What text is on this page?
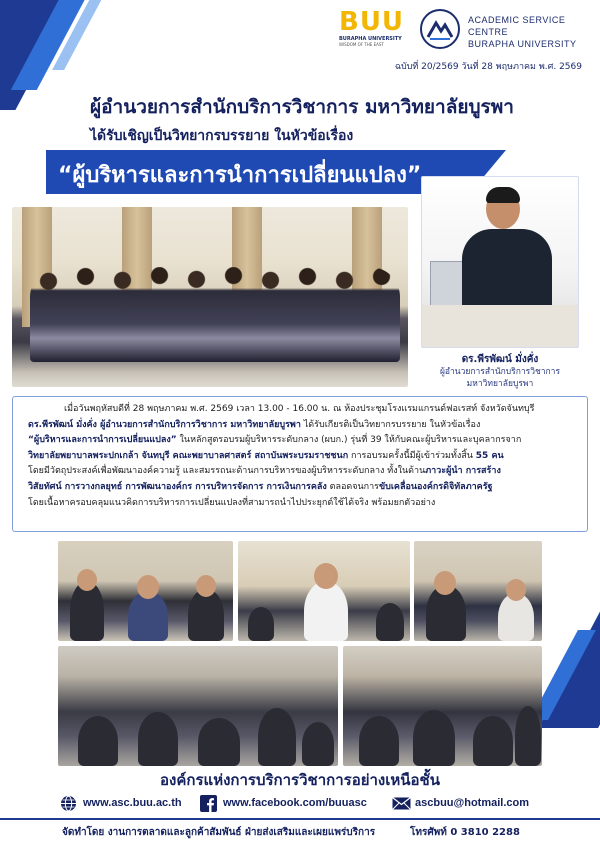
BUU
BURAPHA UNIVERSITY
WISDOM OF THE EAST
ACADEMIC SERVICE CENTRE
BURAPHA UNIVERSITY
ฉบับที่ 20/2569 วันที่ 28 พฤษภาคม พ.ศ. 2569
ผู้อำนวยการสำนักบริการวิชาการ มหาวิทยาลัยบูรพา
ได้รับเชิญเป็นวิทยากรบรรยาย ในหัวข้อเรื่อง
“ผู้บริหารและการนำการเปลี่ยนแปลง”
ดร.พีรพัฒน์ มั่งคั่ง
ผู้อำนวยการสำนักบริการวิชาการ
มหาวิทยาลัยบูรพา

เมื่อวันพฤหัสบดีที่ 28 พฤษภาคม พ.ศ. 2569 เวลา 13.00 - 16.00 น. ณ ห้องประชุมโรงแรมแกรนด์ฟอเรสท์ จังหวัดจันทบุรี

ดร.พีรพัฒน์ มั่งคั่ง ผู้อำนวยการสำนักบริการวิชาการ มหาวิทยาลัยบูรพา ได้รับเกียรติเป็นวิทยากรบรรยาย ในหัวข้อเรื่อง

“ผู้บริหารและการนำการเปลี่ยนแปลง” ในหลักสูตรอบรมผู้บริหารระดับกลาง (ผบก.) รุ่นที่ 39 ให้กับคณะผู้บริหารและบุคลากรจาก

วิทยาลัยพยาบาลพระปกเกล้า จันทบุรี คณะพยาบาลศาสตร์ สถาบันพระบรมราชชนก การอบรมครั้งนี้มีผู้เข้าร่วมทั้งสิ้น 55 คน

โดยมีวัตถุประสงค์เพื่อพัฒนาองค์ความรู้ และสมรรถนะด้านการบริหารของผู้บริหารระดับกลาง ทั้งในด้านภาวะผู้นำ การสร้าง

วิสัยทัศน์ การวางกลยุทธ์ การพัฒนาองค์กร การบริหารจัดการ การเงินการคลัง ตลอดจนการขับเคลื่อนองค์กรดิจิทัลภาครัฐ

โดยเนื้อหาครอบคลุมแนวคิดการบริหารการเปลี่ยนแปลงที่สามารถนำไปประยุกต์ใช้ได้จริง พร้อมยกตัวอย่าง

องค์กรแห่งการบริการวิชาการอย่างเหนือชั้น
www.asc.buu.ac.th	www.facebook.com/buuasc	ascbuu@hotmail.com
จัดทำโดย งานการตลาดและลูกค้าสัมพันธ์ ฝ่ายส่งเสริมและเผยแพร่บริการ	โทรศัพท์ 0 3810 2288
